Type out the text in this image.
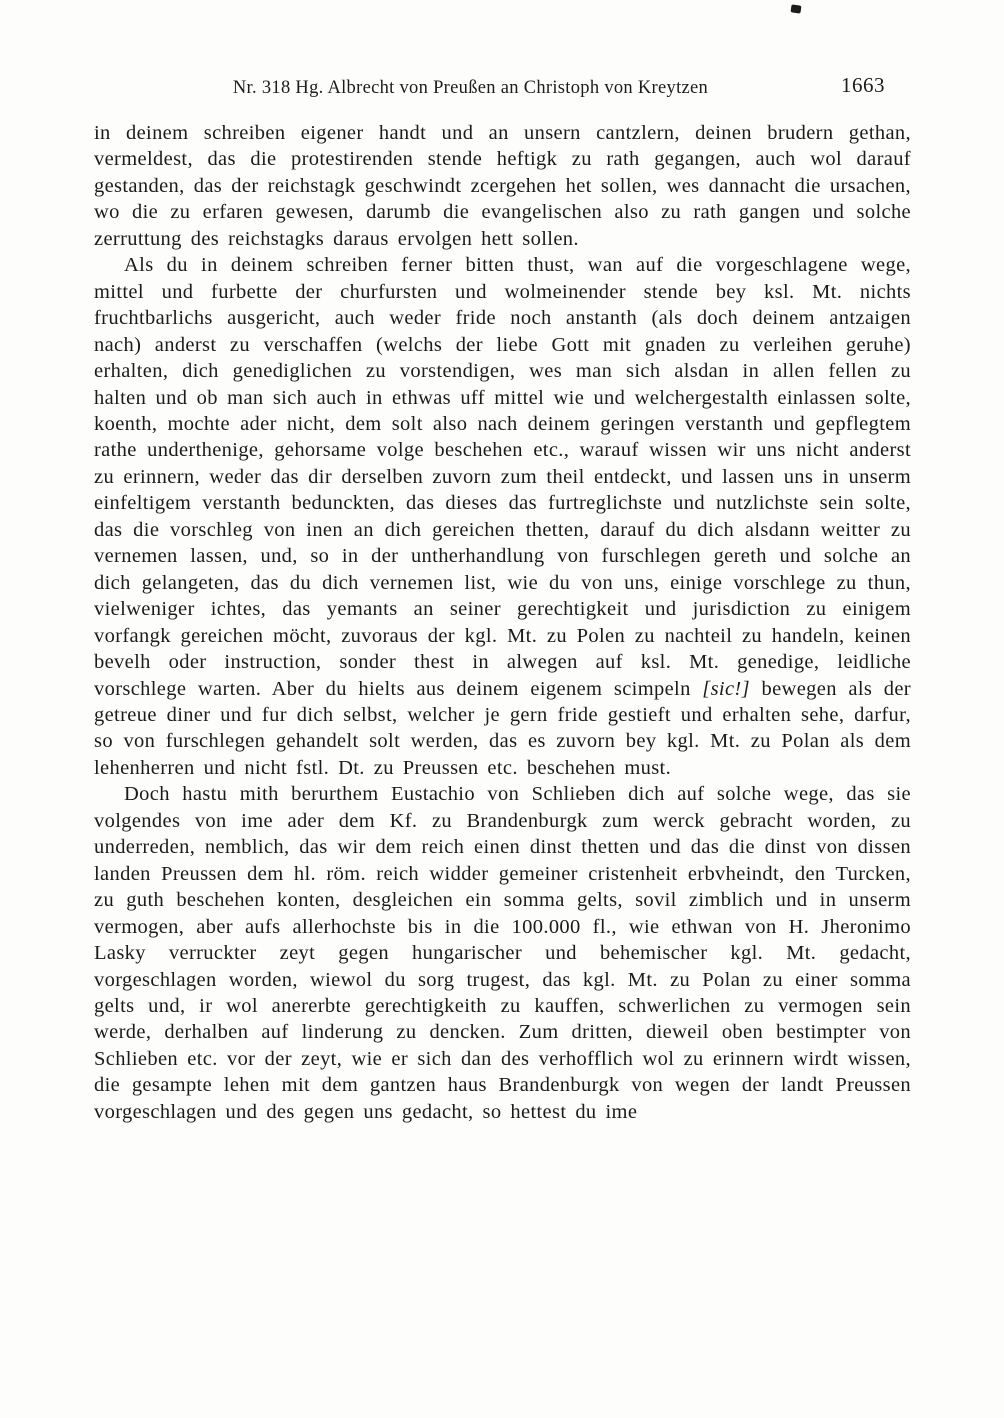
Nr. 318 Hg. Albrecht von Preußen an Christoph von Kreytzen	1663

in deinem schreiben eigener handt und an unsern cantzlern, deinen brudern gethan, vermeldest, das die protestirenden stende heftigk zu rath gegangen, auch wol darauf gestanden, das der reichstagk geschwindt zcergehen het sollen, wes dannacht die ursachen, wo die zu erfaren gewesen, darumb die evangelischen also zu rath gangen und solche zerruttung des reichstagks daraus ervolgen hett sollen.

Als du in deinem schreiben ferner bitten thust, wan auf die vorgeschlagene wege, mittel und furbette der churfursten und wolmeinender stende bey ksl. Mt. nichts fruchtbarlichs ausgericht, auch weder fride noch anstanth (als doch deinem antzaigen nach) anderst zu verschaffen (welchs der liebe Gott mit gnaden zu verleihen geruhe) erhalten, dich genediglichen zu vorstendigen, wes man sich alsdan in allen fellen zu halten und ob man sich auch in ethwas uff mittel wie und welchergestalth einlassen solte, koenth, mochte ader nicht, dem solt also nach deinem geringen verstanth und gepflegtem rathe underthenige, gehorsame volge beschehen etc., warauf wissen wir uns nicht anderst zu erinnern, weder das dir derselben zuvorn zum theil entdeckt, und lassen uns in unserm einfeltigem verstanth bedunckten, das dieses das furtreglichste und nutzlichste sein solte, das die vorschleg von inen an dich gereichen thetten, darauf du dich alsdann weitter zu vernemen lassen, und, so in der untherhandlung von furschlegen gereth und solche an dich gelangeten, das du dich vernemen list, wie du von uns, einige vorschlege zu thun, vielweniger ichtes, das yemants an seiner gerechtigkeit und jurisdiction zu einigem vorfangk gereichen möcht, zuvoraus der kgl. Mt. zu Polen zu nachteil zu handeln, keinen bevelh oder instruction, sonder thest in alwegen auf ksl. Mt. genedige, leidliche vorschlege warten. Aber du hielts aus deinem eigenem scimpeln [sic!] bewegen als der getreue diner und fur dich selbst, welcher je gern fride gestieft und erhalten sehe, darfur, so von furschlegen gehandelt solt werden, das es zuvorn bey kgl. Mt. zu Polan als dem lehenherren und nicht fstl. Dt. zu Preussen etc. beschehen must.

Doch hastu mith berurthem Eustachio von Schlieben dich auf solche wege, das sie volgendes von ime ader dem Kf. zu Brandenburgk zum werck gebracht worden, zu underreden, nemblich, das wir dem reich einen dinst thetten und das die dinst von dissen landen Preussen dem hl. röm. reich widder gemeiner cristenheit erbvheindt, den Turcken, zu guth beschehen konten, desgleichen ein somma gelts, sovil zimblich und in unserm vermogen, aber aufs allerhochste bis in die 100.000 fl., wie ethwan von H. Jheronimo Lasky verruckter zeyt gegen hungarischer und behemischer kgl. Mt. gedacht, vorgeschlagen worden, wiewol du sorg trugest, das kgl. Mt. zu Polan zu einer somma gelts und, ir wol anererbte gerechtigkeith zu kauffen, schwerlichen zu vermogen sein werde, derhalben auf linderung zu dencken. Zum dritten, dieweil oben bestimpter von Schlieben etc. vor der zeyt, wie er sich dan des verhofflich wol zu erinnern wirdt wissen, die gesampte lehen mit dem gantzen haus Brandenburgk von wegen der landt Preussen vorgeschlagen und des gegen uns gedacht, so hettest du ime
